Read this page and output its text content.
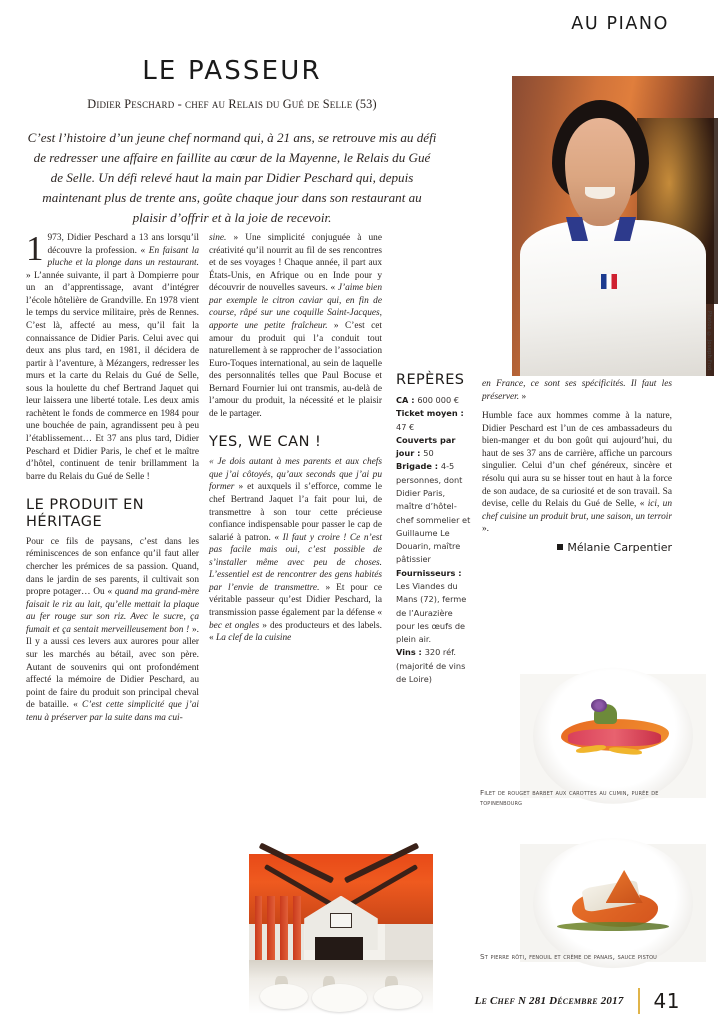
AU PIANO
LE PASSEUR

Didier Peschard - chef au Relais du Gué de Selle (53)

C’est l’histoire d’un jeune chef normand qui, à 21 ans, se retrouve mis au défi de redresser une affaire en faillite au cœur de la Mayenne, le Relais du Gué de Selle. Un défi relevé haut la main par Didier Peschard qui, depuis maintenant plus de trente ans, goûte chaque jour dans son restaurant au plaisir d’offrir et à la joie de recevoir.

1 973, Didier Peschard a 13 ans lorsqu’il découvre la profession. « En faisant la pluche et la plonge dans un restaurant. » L’année suivante, il part à Dompierre pour un an d’apprentissage, avant d’intégrer l’école hôtelière de Grandville. En 1978 vient le temps du service militaire, près de Rennes. C’est là, affecté au mess, qu’il fait la connaissance de Didier Paris. Celui avec qui deux ans plus tard, en 1981, il décidera de partir à l’aventure, à Mézangers, redresser les murs et la carte du Relais du Gué de Selle, sous la houlette du chef Bertrand Jaquet qui leur laissera une liberté totale. Les deux amis rachètent le fonds de commerce en 1984 pour une bouchée de pain, agrandissent peu à peu l’établissement… Et 37 ans plus tard, Didier Peschard et Didier Paris, le chef et le maître d’hôtel, continuent de tenir brillamment la barre du Relais du Gué de Selle !

LE PRODUIT EN HÉRITAGE

Pour ce fils de paysans, c’est dans les réminiscences de son enfance qu’il faut aller chercher les prémices de sa passion. Quand, dans le jardin de ses parents, il cultivait son propre potager… Ou « quand ma grand-mère faisait le riz au lait, qu’elle mettait la plaque au fer rouge sur son riz. Avec le sucre, ça fumait et ça sentait merveilleusement bon ! ». Il y a aussi ces levers aux aurores pour aller sur les marchés au bétail, avec son père. Autant de souvenirs qui ont profondément affecté la mémoire de Didier Peschard, au point de faire du produit son principal cheval de bataille. « C’est cette simplicité que j’ai tenu à préserver par la suite dans ma cui-

sine. » Une simplicité conjuguée à une créativité qu’il nourrit au fil de ses rencontres et de ses voyages ! Chaque année, il part aux États-Unis, en Afrique ou en Inde pour y découvrir de nouvelles saveurs. « J’aime bien par exemple le citron caviar qui, en fin de course, râpé sur une coquille Saint-Jacques, apporte une petite fraîcheur. » C’est cet amour du produit qui l’a conduit tout naturellement à se rapprocher de l’association Euro-Toques international, au sein de laquelle des personnalités telles que Paul Bocuse et Bernard Fournier lui ont transmis, au-delà de l’amour du produit, la nécessité et le plaisir de le partager.

YES, WE CAN !

« Je dois autant à mes parents et aux chefs que j’ai côtoyés, qu’aux seconds que j’ai pu former » et auxquels il s’efforce, comme le chef Bertrand Jaquet l’a fait pour lui, de transmettre à son tour cette précieuse confiance indispensable pour passer le cap de salarié à patron. « Il faut y croire ! Ce n’est pas facile mais oui, c’est possible de s’installer même avec peu de choses. L’essentiel est de rencontrer des gens habités par l’envie de transmettre. » Et pour ce véritable passeur qu’est Didier Peschard, la transmission passe également par la défense « bec et ongles » des producteurs et des labels. « La clef de la cuisine

REPÈRES
CA : 600 000 €
Ticket moyen : 47 €
Couverts par jour : 50
Brigade : 4-5 personnes, dont Didier Paris, maître d’hôtel-chef sommelier et Guillaume Le Douarin, maître pâtissier
Fournisseurs : Les Viandes du Mans (72), ferme de l’Aurazière pour les œufs de plein air.
Vins : 320 réf. (majorité de vins de Loire)

en France, ce sont ses spécificités. Il faut les préserver. »

Humble face aux hommes comme à la nature, Didier Peschard est l’un de ces ambassadeurs du bien-manger et du bon goût qui aujourd’hui, du haut de ses 37 ans de carrière, affiche un parcours singulier. Celui d’un chef généreux, sincère et résolu qui aura su se hisser tout en haut à la force de son audace, de sa curiosité et de son travail. Sa devise, celle du Relais du Gué de Selle, « ici, un chef cuisine un produit brut, une saison, un terroir ».

Mélanie Carpentier
Photos © Joseph Frot
Filet de rouget barbet aux carottes au cumin, purée de topinenbourg
St pierre rôti, fenouil et crème de panais, sauce pistou
Le Chef N 281 Décembre 2017 41
